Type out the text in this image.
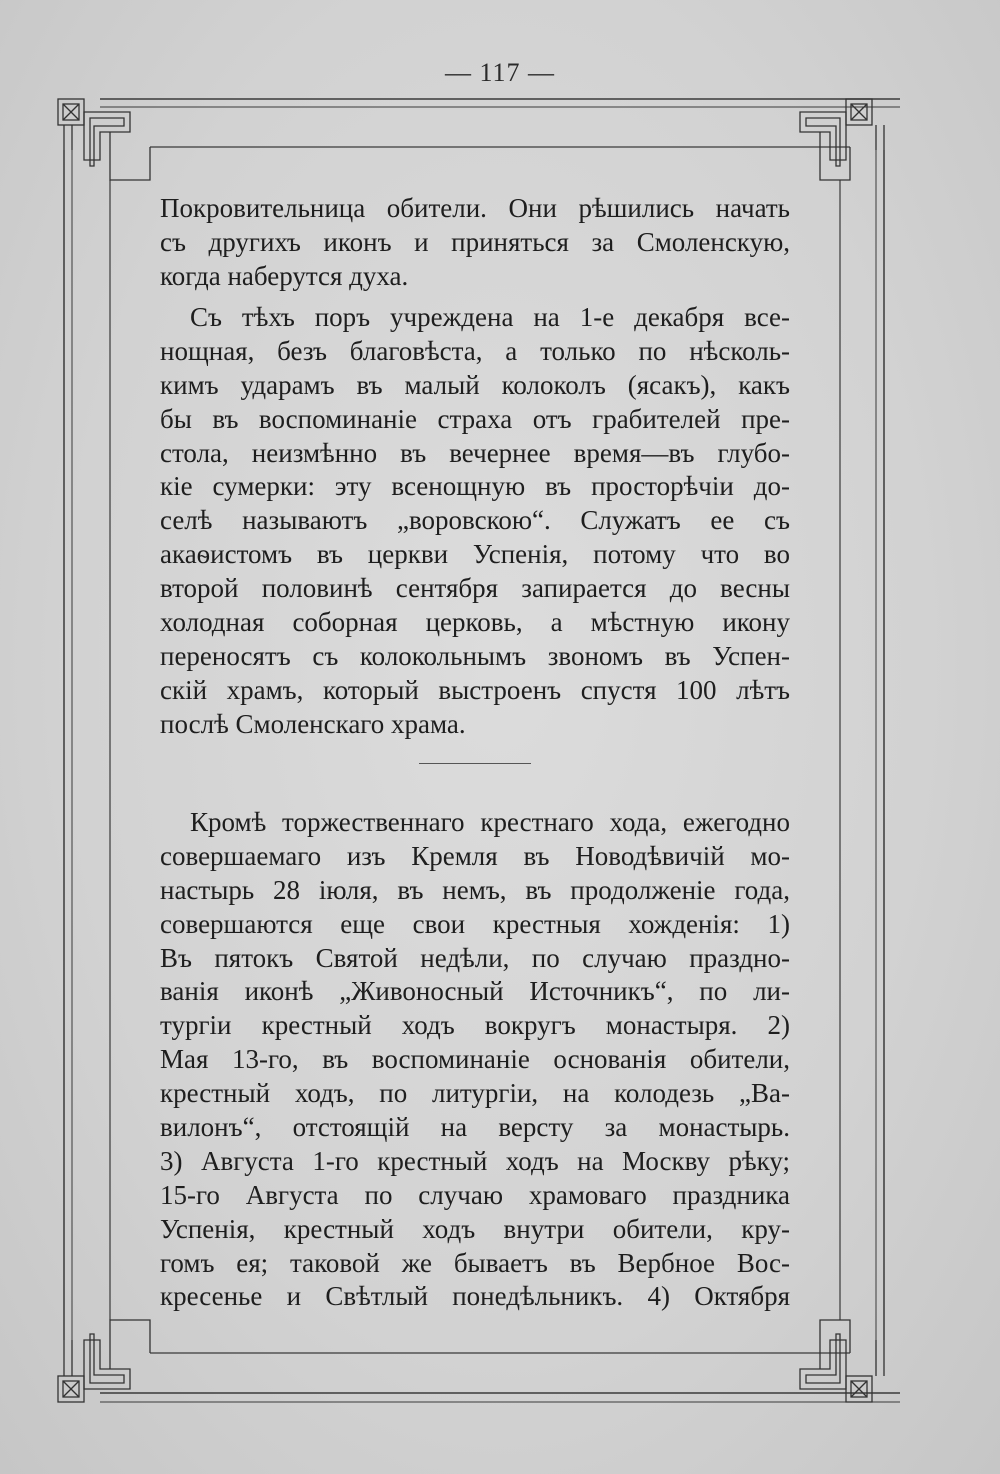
— 117 —
Покровительница обители. Они рѣшились начать
съ другихъ иконъ и приняться за Смоленскую,
когда наберутся духа.
Съ тѣхъ поръ учреждена на 1-е декабря все-
нощная, безъ благовѣста, а только по нѣсколь-
кимъ ударамъ въ малый колоколъ (ясакъ), какъ
бы въ воспоминаніе страха отъ грабителей пре-
стола, неизмѣнно въ вечернее время—въ глубо-
кіе сумерки: эту всенощную въ просторѣчіи до-
селѣ называютъ „воровскою“. Служатъ ее съ
акаѳистомъ въ церкви Успенія, потому что во
второй половинѣ сентября запирается до весны
холодная соборная церковь, а мѣстную икону
переносятъ съ колокольнымъ звономъ въ Успен-
скій храмъ, который выстроенъ спустя 100 лѣтъ
послѣ Смоленскаго храма.
Кромѣ торжественнаго крестнаго хода, ежегодно
совершаемаго изъ Кремля въ Новодѣвичій мо-
настырь 28 іюля, въ немъ, въ продолженіе года,
совершаются еще свои крестныя хожденія: 1)
Въ пятокъ Святой недѣли, по случаю праздно-
ванія иконѣ „Живоносный Источникъ“, по ли-
тургіи крестный ходъ вокругъ монастыря. 2)
Мая 13-го, въ воспоминаніе основанія обители,
крестный ходъ, по литургіи, на колодезь „Ва-
вилонъ“, отстоящій на версту за монастырь.
3) Августа 1-го крестный ходъ на Москву рѣку;
15-го Августа по случаю храмоваго праздника
Успенія, крестный ходъ внутри обители, кру-
гомъ ея; таковой же бываетъ въ Вербное Вос-
кресенье и Свѣтлый понедѣльникъ. 4) Октября
